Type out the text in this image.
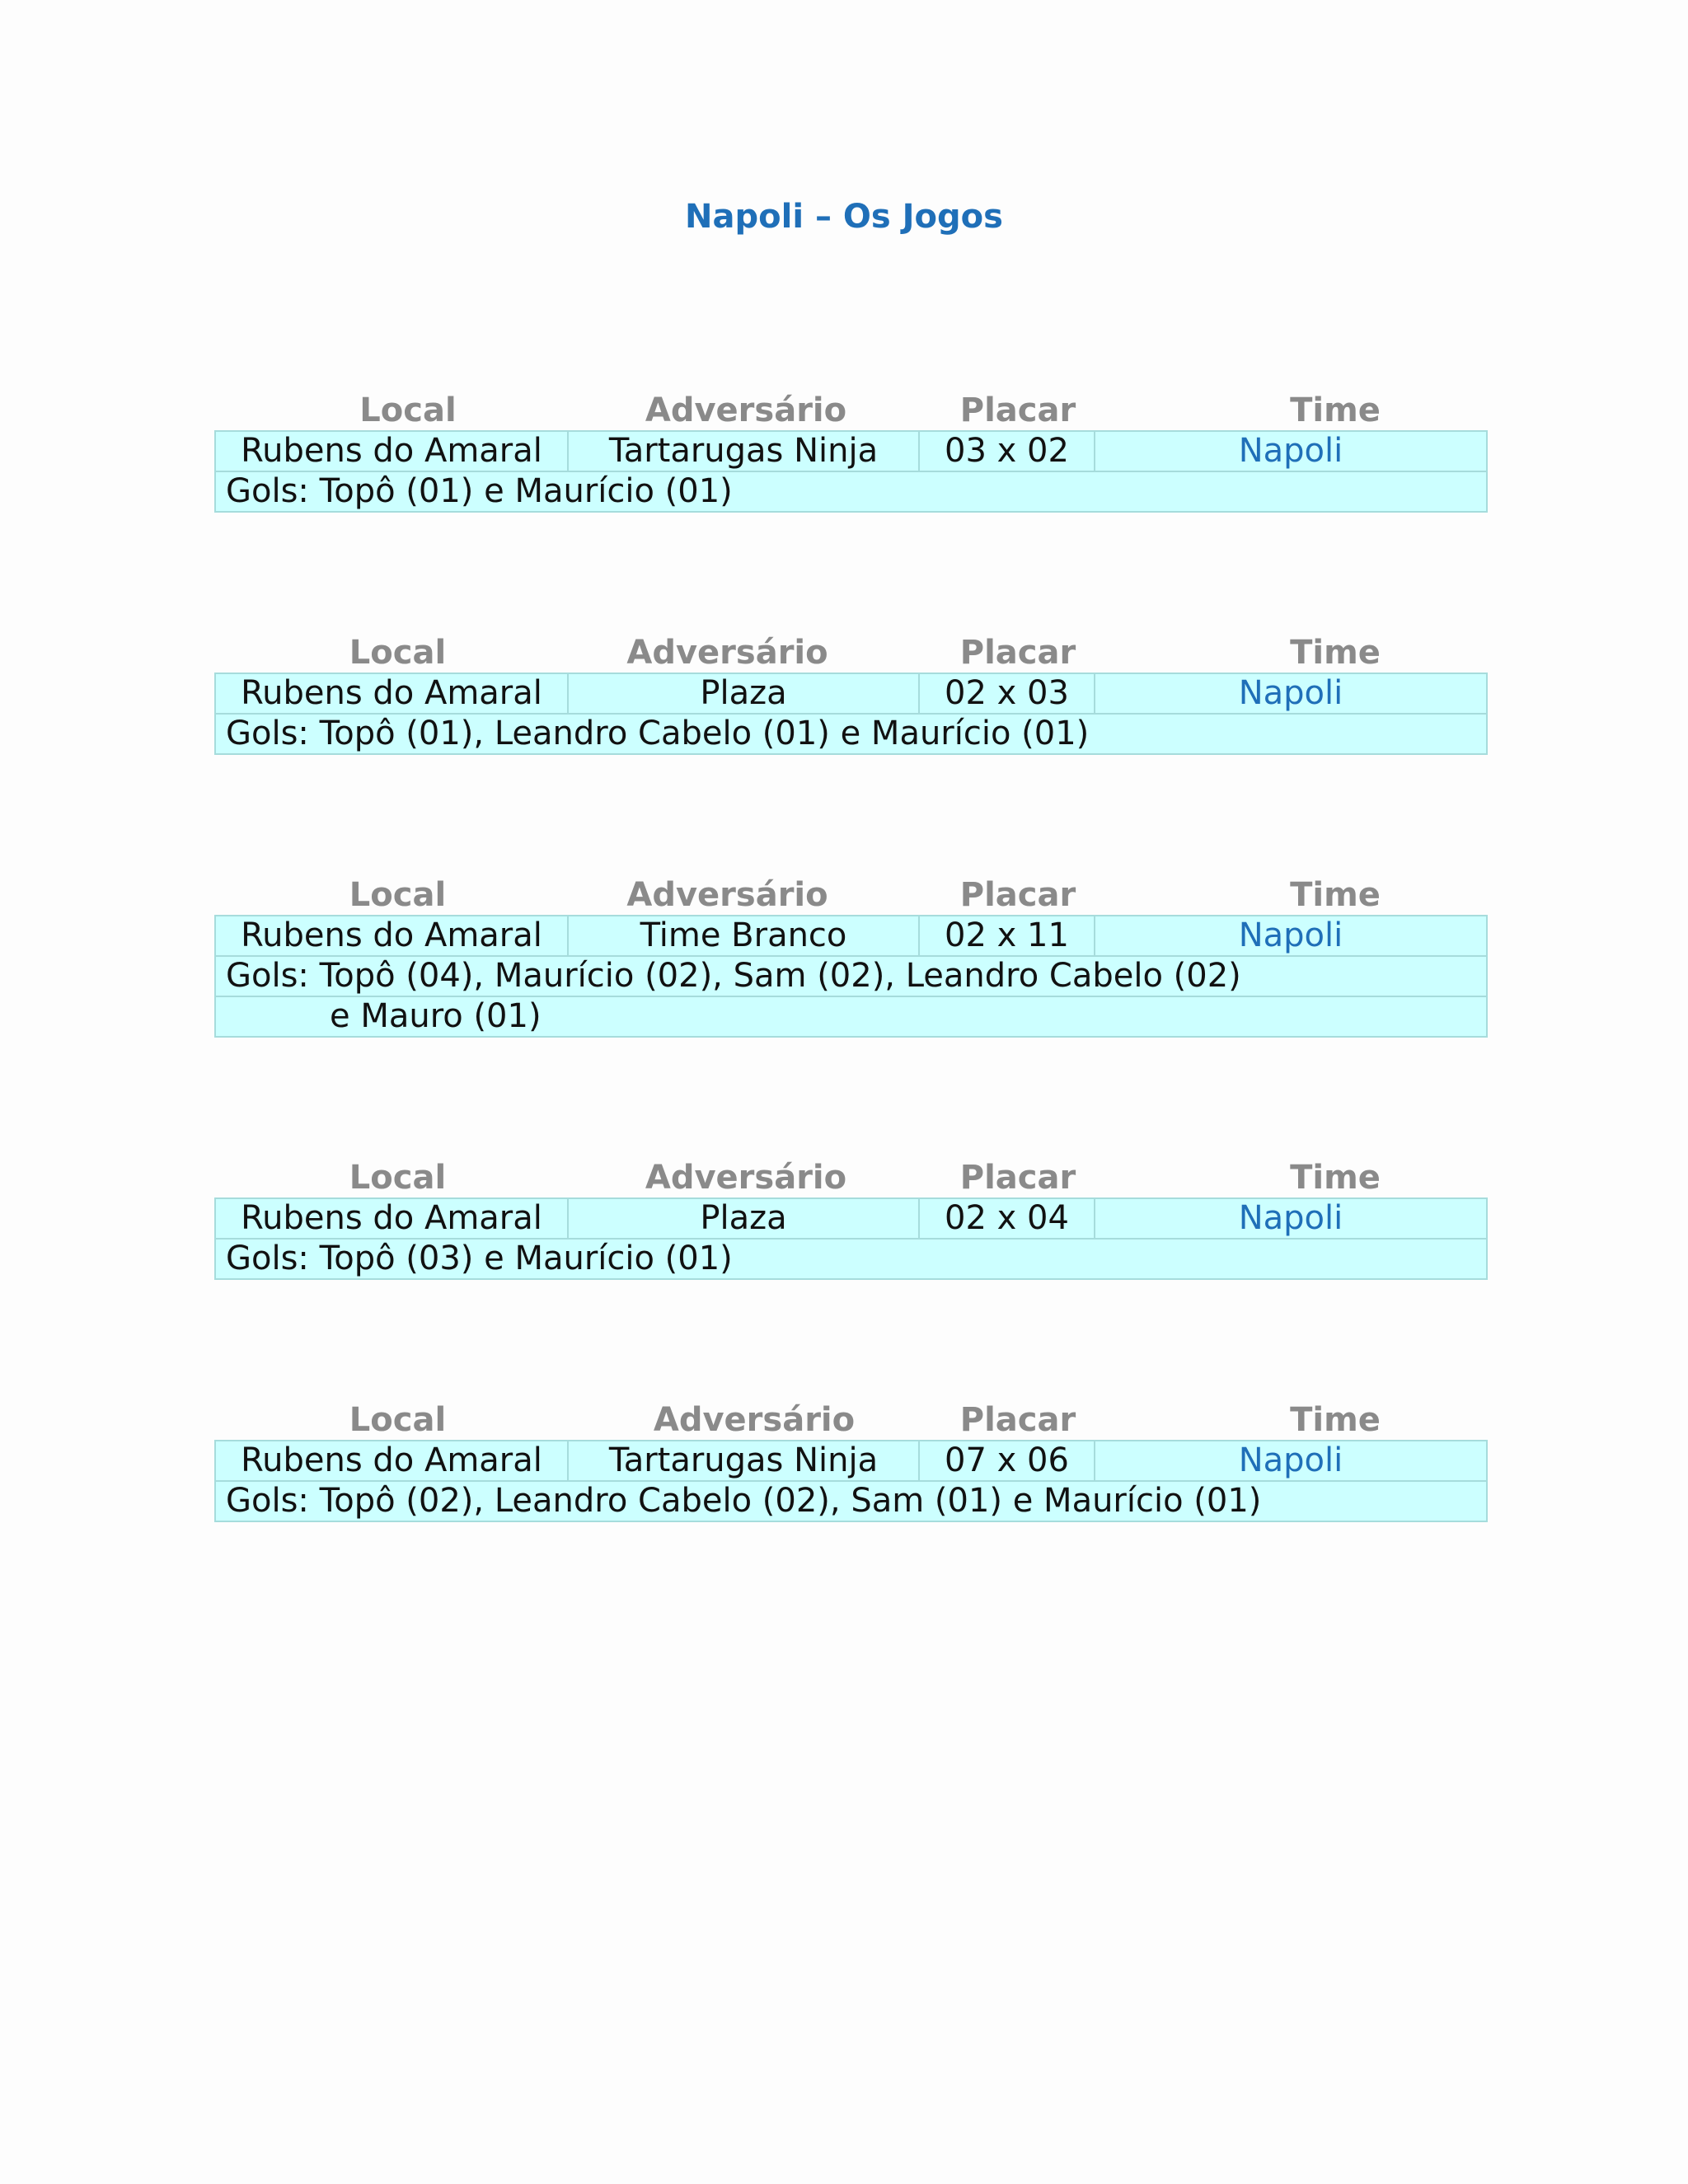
Napoli – Os Jogos
Local	Adversário	Placar	Time
Rubens do Amaral	Tartarugas Ninja	03 x 02	Napoli
Gols: Topô (01) e Maurício (01)
Local	Adversário	Placar	Time
Rubens do Amaral	Plaza	02 x 03	Napoli
Gols: Topô (01), Leandro Cabelo (01) e Maurício (01)
Local	Adversário	Placar	Time
Rubens do Amaral	Time Branco	02 x 11	Napoli
Gols: Topô (04), Maurício (02), Sam (02), Leandro Cabelo (02)
e Mauro (01)
Local	Adversário	Placar	Time
Rubens do Amaral	Plaza	02 x 04	Napoli
Gols: Topô (03) e Maurício (01)
Local	Adversário	Placar	Time
Rubens do Amaral	Tartarugas Ninja	07 x 06	Napoli
Gols: Topô (02), Leandro Cabelo (02), Sam (01) e Maurício (01)
